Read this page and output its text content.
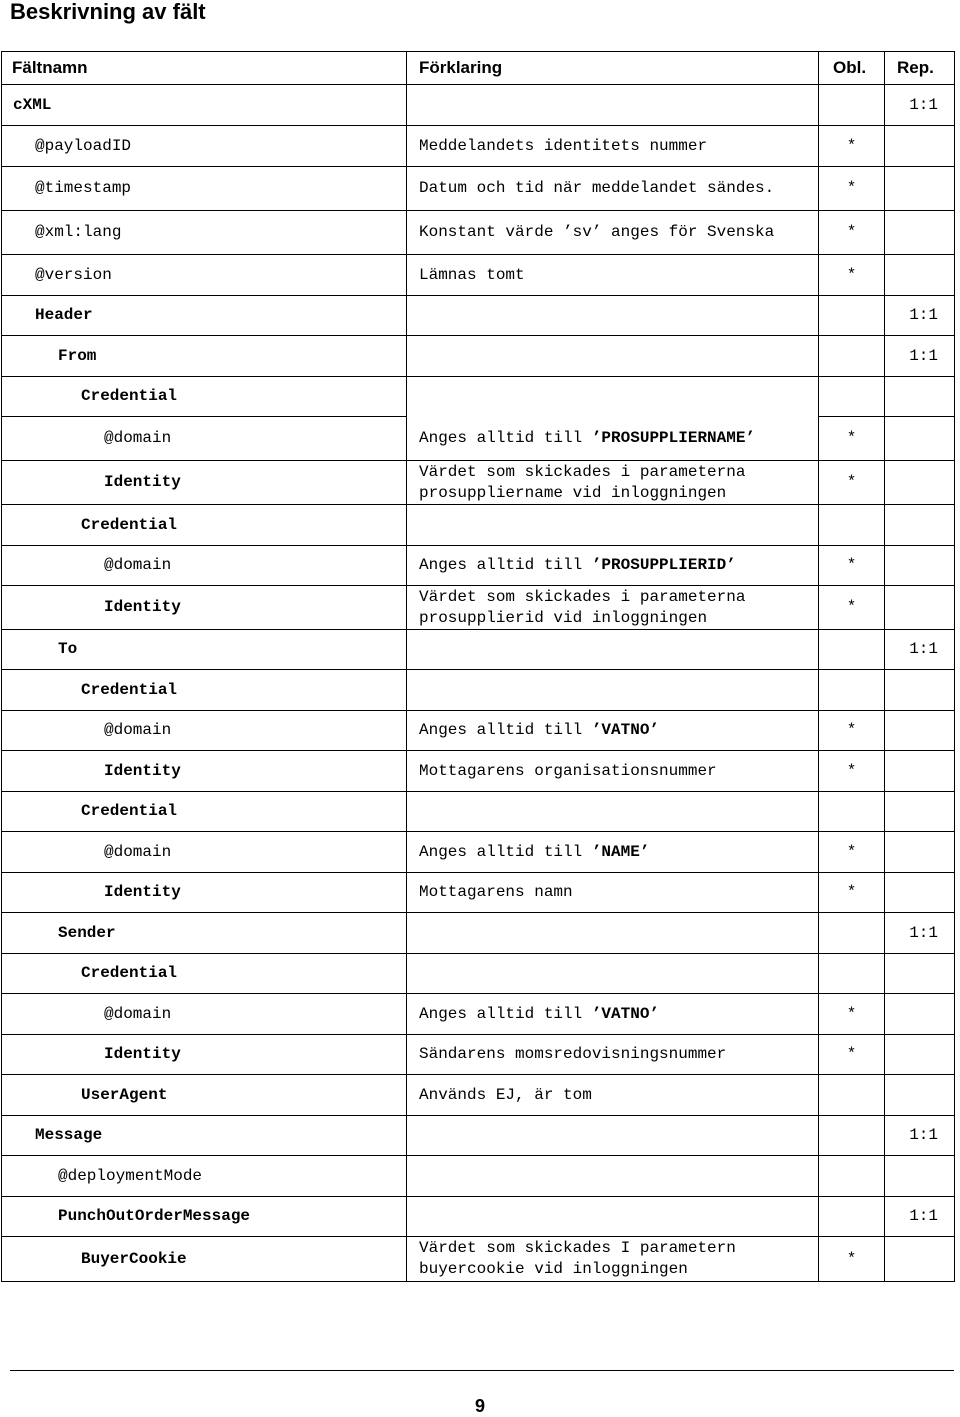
Beskrivning av fält
Fältnamn	Förklaring	Obl.	Rep.
cXML			1:1
@payloadID	Meddelandets identitets nummer	*	
@timestamp	Datum och tid när meddelandet sändes.	*	
@xml:lang	Konstant värde ’sv’ anges för Svenska	*	
@version	Lämnas tomt	*	
Header			1:1
From			1:1
Credential			
@domain	Anges alltid till ’PROSUPPLIERNAME’	*	
Identity	Värdet som skickades i parameterna prosuppliername vid inloggningen	*	
Credential			
@domain	Anges alltid till ’PROSUPPLIERID’	*	
Identity	Värdet som skickades i parameterna prosupplierid vid inloggningen	*	
To			1:1
Credential			
@domain	Anges alltid till ’VATNO’	*	
Identity	Mottagarens organisationsnummer	*	
Credential			
@domain	Anges alltid till ’NAME’	*	
Identity	Mottagarens namn	*	
Sender			1:1
Credential			
@domain	Anges alltid till ’VATNO’	*	
Identity	Sändarens momsredovisningsnummer	*	
UserAgent	Används EJ, är tom		
Message			1:1
@deploymentMode			
PunchOutOrderMessage			1:1
BuyerCookie	Värdet som skickades I parametern buyercookie vid inloggningen	*	
9
